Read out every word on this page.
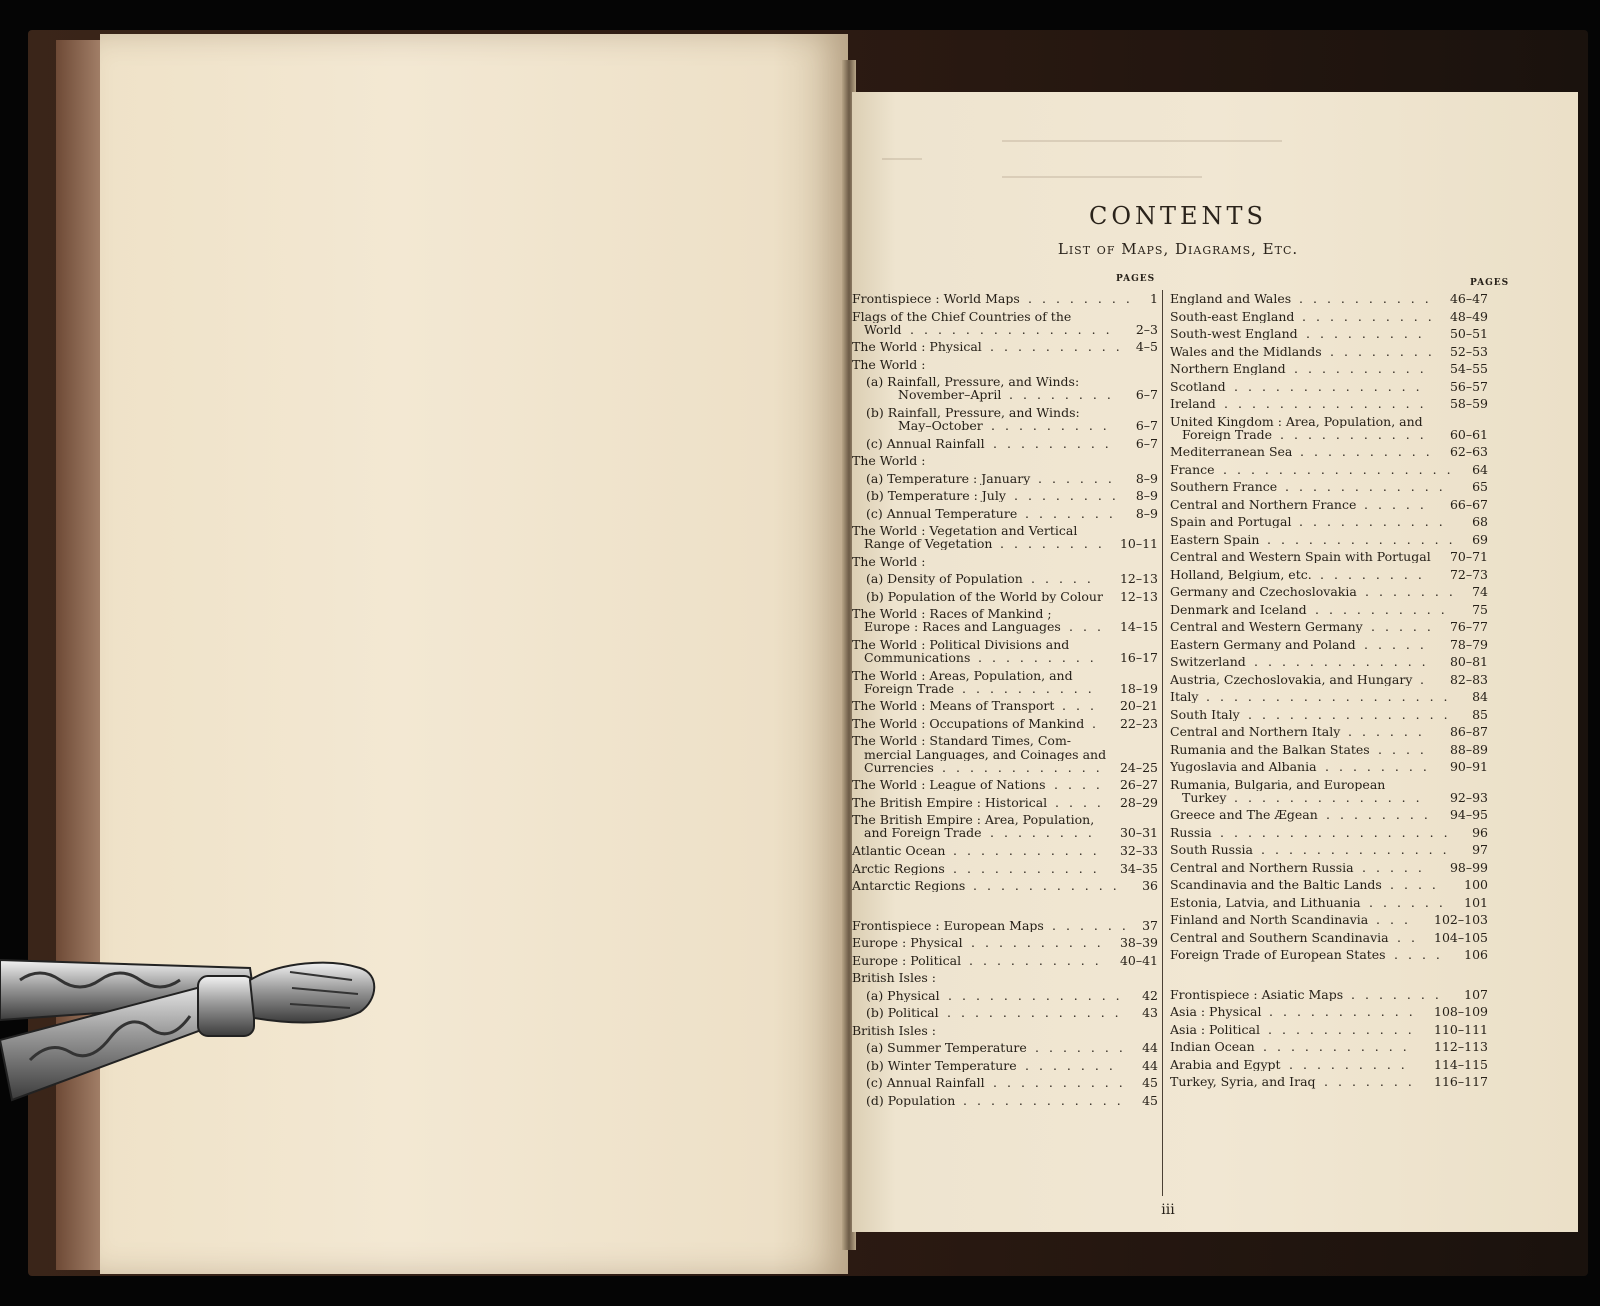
CONTENTS
List of Maps, Diagrams, Etc.
PAGES	PAGES
Frontispiece : World Maps ........ 1
Flags of the Chief Countries of the
World ...............	2–3
The World : Physical .......... 4–5
The World :
(a) Rainfall, Pressure, and Winds:
November–April ........	6–7
(b) Rainfall, Pressure, and Winds:
May–October .........	6–7
(c) Annual Rainfall .........	6–7
The World :
(a) Temperature : January ......	8–9
(b) Temperature : July ........ 8–9
(c) Annual Temperature .......	8–9
The World : Vegetation and Vertical
Range of Vegetation ........ 10–11
The World :
(a) Density of Population .....	12–13
(b) Population of the World by Colour 12–13
The World : Races of Mankind ;
Europe : Races and Languages ... 14–15
The World : Political Divisions and
Communications .........	16–17
The World : Areas, Population, and
Foreign Trade ..........	18–19
The World : Means of Transport ...	20–21
The World : Occupations of Mankind .	22–23
The World : Standard Times, Com-
mercial Languages, and Coinages and
Currencies ............ 24–25
The World : League of Nations .... 26–27
The British Empire : Historical .... 28–29
The British Empire : Area, Population,
and Foreign Trade ........	30–31
Atlantic Ocean ...........	32–33
Arctic Regions ...........	34–35
Antarctic Regions ...........	36
Frontispiece : European Maps ...... 37
Europe : Physical .......... 38–39
Europe : Political .......... 40–41
British Isles :
(a) Physical ............. 42
(b) Political .............	43
British Isles :
(a) Summer Temperature ....... 44
(b) Winter Temperature .......	44
(c) Annual Rainfall .......... 45
(d) Population ............ 45
England and Wales .......... 46–47
South-east England .......... 48–49
South-west England .........	50–51
Wales and the Midlands ........ 52–53
Northern England ..........	54–55
Scotland ..............	56–57
Ireland ...............	58–59
United Kingdom : Area, Population, and
Foreign Trade ...........	60–61
Mediterranean Sea .......... 62–63
France ................. 64
Southern France ............	65
Central and Northern France .....	66–67
Spain and Portugal ...........	68
Eastern Spain .............. 69
Central and Western Spain with Portugal 70–71
Holland, Belgium, etc. ........	72–73
Germany and Czechoslovakia ....... 74
Denmark and Iceland ..........	75
Central and Western Germany ..... 76–77
Eastern Germany and Poland .....	78–79
Switzerland .............	80–81
Austria, Czechoslovakia, and Hungary .	82–83
Italy ..................	84
South Italy ...............	85
Central and Northern Italy ......	86–87
Rumania and the Balkan States ....	88–89
Yugoslavia and Albania ........	90–91
Rumania, Bulgaria, and European
Turkey ..............	92–93
Greece and The Ægean ........ 94–95
Russia .................	96
South Russia ..............	97
Central and Northern Russia .....	98–99
Scandinavia and the Baltic Lands ....	100
Estonia, Latvia, and Lithuania ...... 101
Finland and North Scandinavia ...	102–103
Central and Southern Scandinavia .. 104–105
Foreign Trade of European States ....	106
Frontispiece : Asiatic Maps .......	107
Asia : Physical ........... 108–109
Asia : Political ........... 110–111
Indian Ocean ...........	112–113
Arabia and Egypt .........	114–115
Turkey, Syria, and Iraq ....... 116–117
iii
